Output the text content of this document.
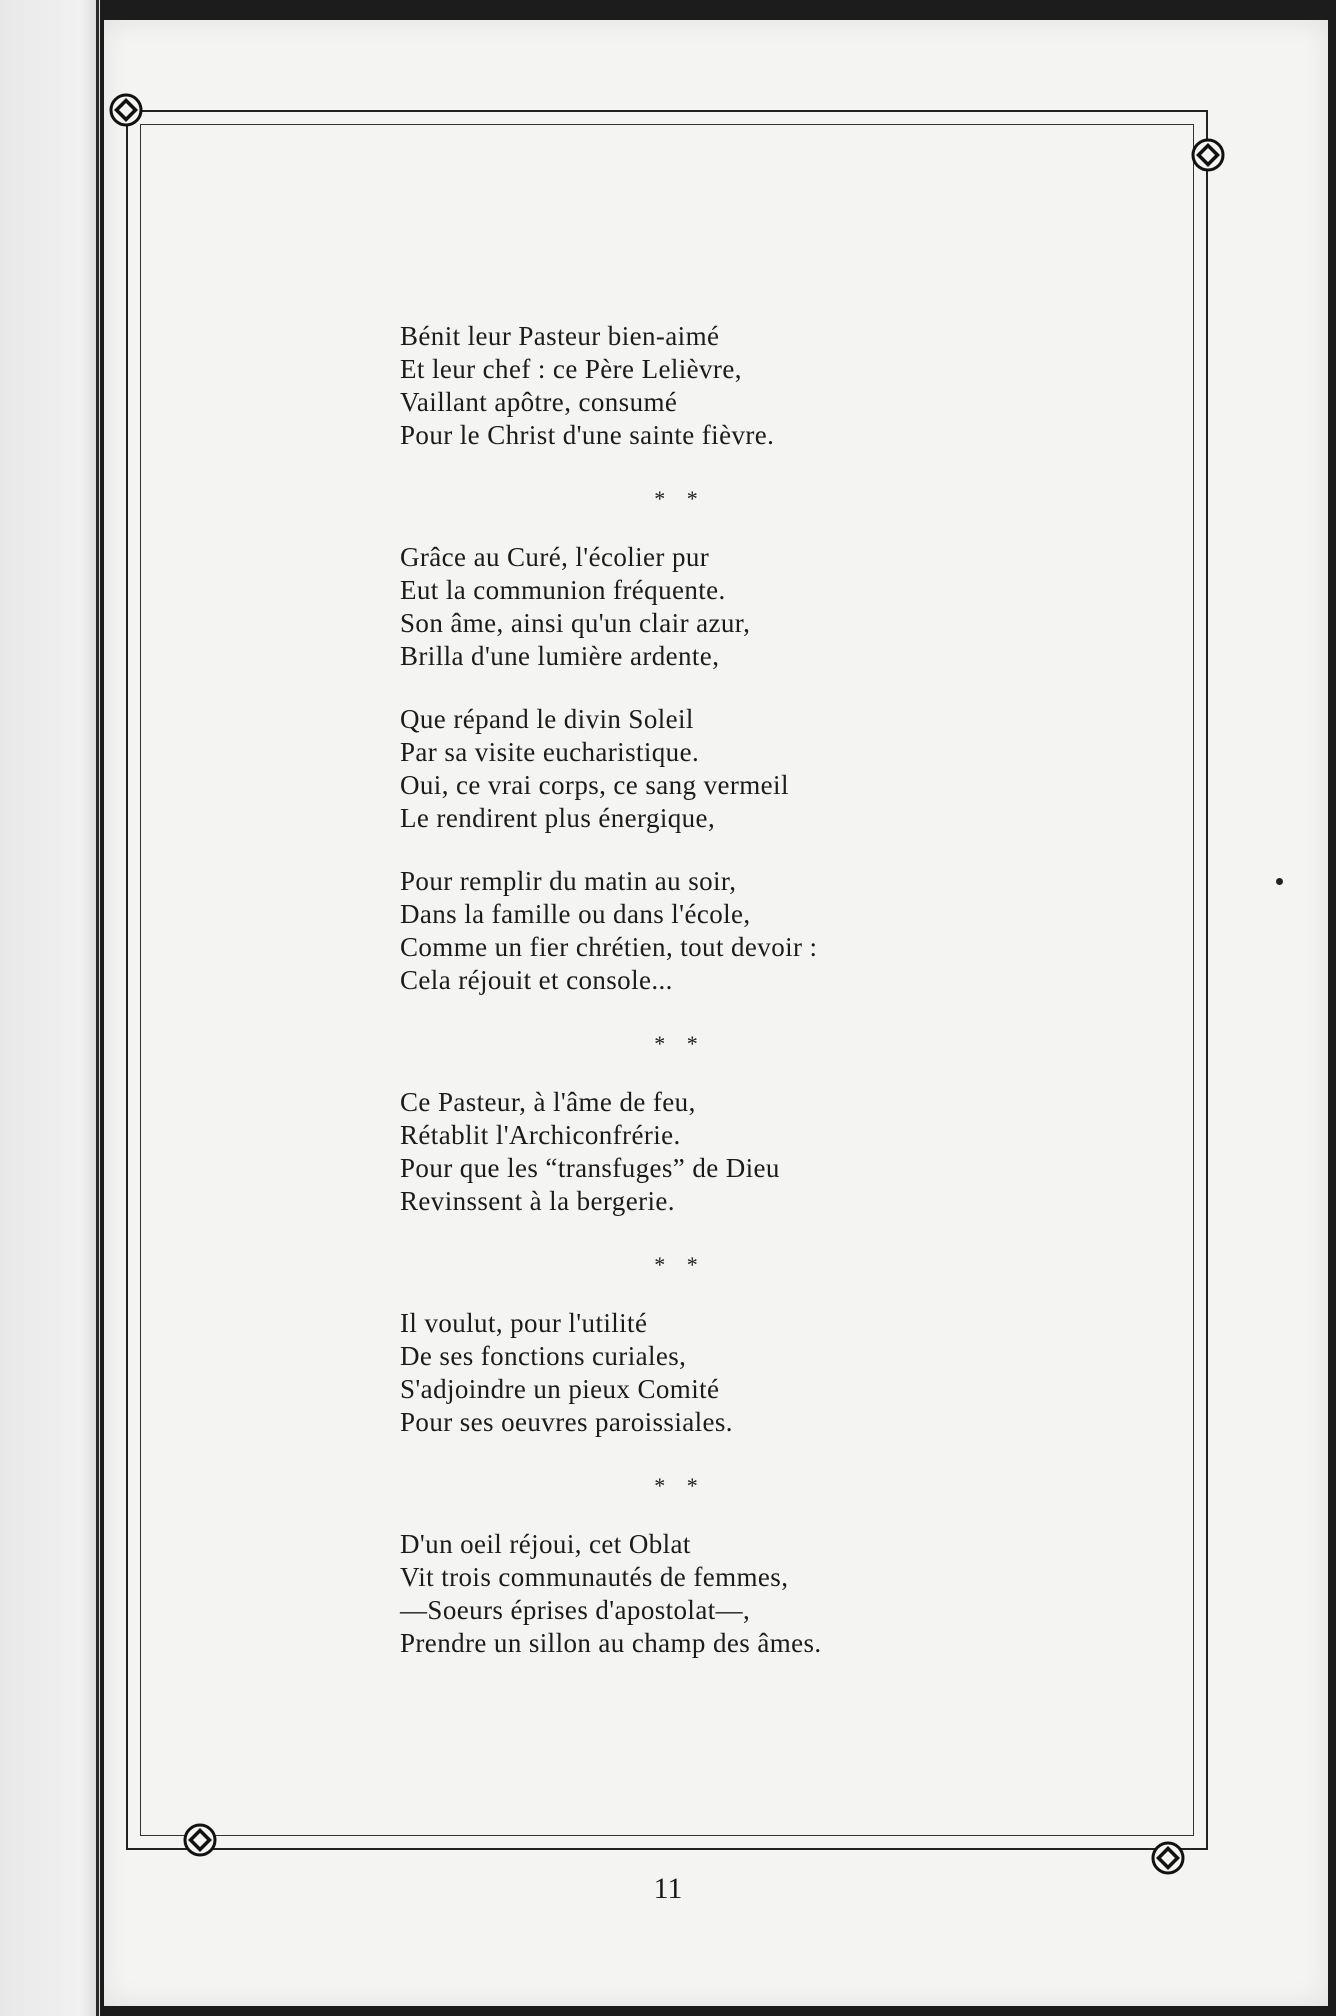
Bénit leur Pasteur bien-aimé
Et leur chef : ce Père Lelièvre,
Vaillant apôtre, consumé
Pour le Christ d'une sainte fièvre.
* *
Grâce au Curé, l'écolier pur
Eut la communion fréquente.
Son âme, ainsi qu'un clair azur,
Brilla d'une lumière ardente,
Que répand le divin Soleil
Par sa visite eucharistique.
Oui, ce vrai corps, ce sang vermeil
Le rendirent plus énergique,
Pour remplir du matin au soir,
Dans la famille ou dans l'école,
Comme un fier chrétien, tout devoir :
Cela réjouit et console...
* *
Ce Pasteur, à l'âme de feu,
Rétablit l'Archiconfrérie.
Pour que les “transfuges” de Dieu
Revinssent à la bergerie.
* *
Il voulut, pour l'utilité
De ses fonctions curiales,
S'adjoindre un pieux Comité
Pour ses oeuvres paroissiales.
* *
D'un oeil réjoui, cet Oblat
Vit trois communautés de femmes,
—Soeurs éprises d'apostolat—,
Prendre un sillon au champ des âmes.
11
